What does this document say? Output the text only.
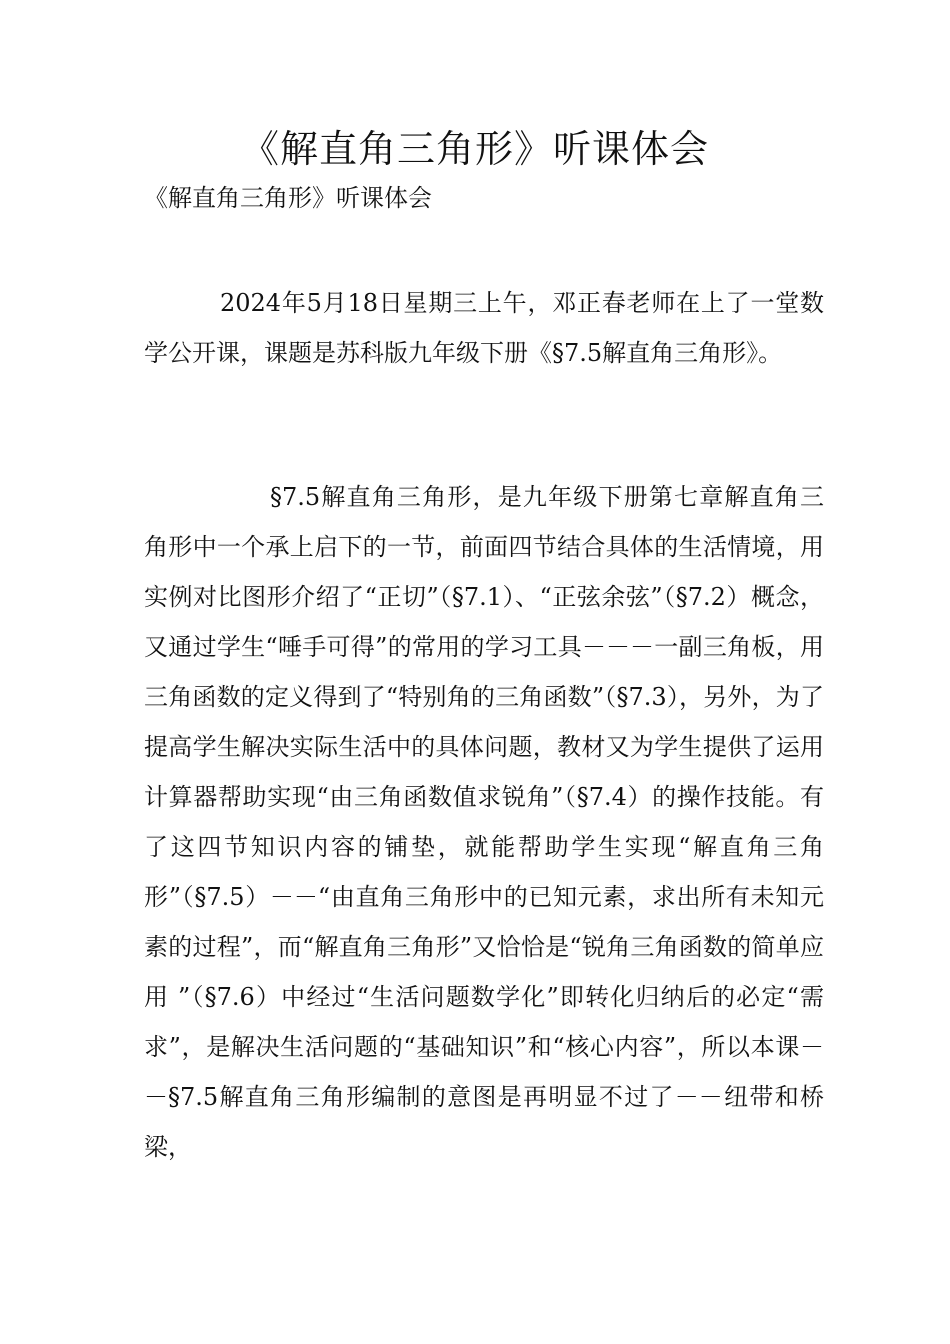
《解直角三角形》听课体会

《解直角三角形》听课体会

2024年5月18日星期三上午，邓正春老师在上了一堂数学公开课，课题是苏科版九年级下册《§7.5解直角三角形》。

§7.5解直角三角形，是九年级下册第七章解直角三角形中一个承上启下的一节，前面四节结合具体的生活情境，用实例对比图形介绍了“正切”（§7.1）、“正弦余弦”（§7.2）概念，又通过学生“唾手可得”的常用的学习工具－－－一副三角板，用三角函数的定义得到了“特别角的三角函数”（§7.3），另外，为了提高学生解决实际生活中的具体问题，教材又为学生提供了运用计算器帮助实现“由三角函数值求锐角”（§7.4）的操作技能。有了这四节知识内容的铺垫，就能帮助学生实现“解直角三角形”（§7.5）－－“由直角三角形中的已知元素，求出所有未知元素的过程”，而“解直角三角形”又恰恰是“锐角三角函数的简单应用 ”（§7.6）中经过“生活问题数学化”即转化归纳后的必定“需求”，是解决生活问题的“基础知识”和“核心内容”，所以本课－－§7.5解直角三角形编制的意图是再明显不过了－－纽带和桥梁，
